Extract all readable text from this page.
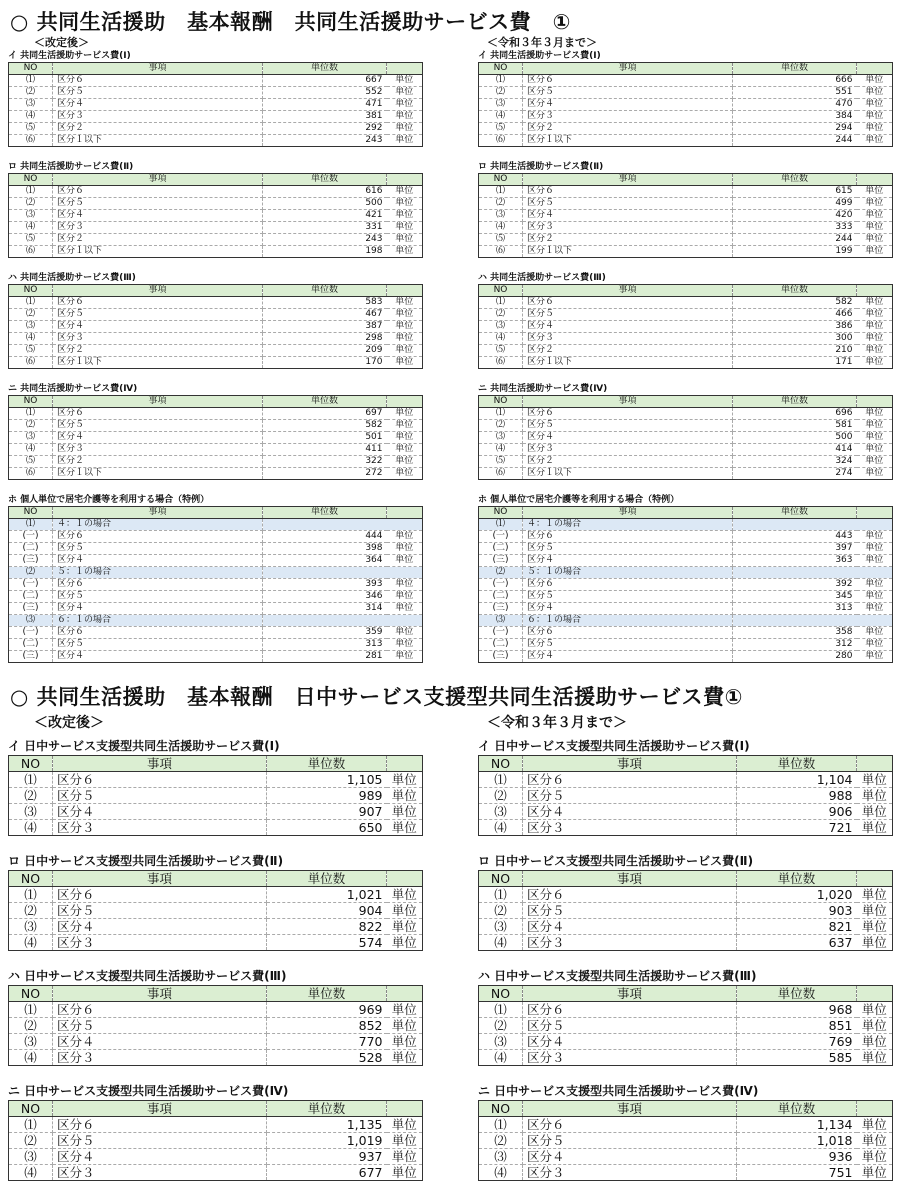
○ 共同生活援助　基本報酬　共同生活援助サービス費　①
＜改定後＞	＜令和３年３月まで＞
イ 共同生活援助サービス費(Ⅰ)
NO	事項	単位数	
⑴	区分６	667	単位
⑵	区分５	552	単位
⑶	区分４	471	単位
⑷	区分３	381	単位
⑸	区分２	292	単位
⑹	区分１以下	243	単位
ロ 共同生活援助サービス費(Ⅱ)
NO	事項	単位数	
⑴	区分６	616	単位
⑵	区分５	500	単位
⑶	区分４	421	単位
⑷	区分３	331	単位
⑸	区分２	243	単位
⑹	区分１以下	198	単位
ハ 共同生活援助サービス費(Ⅲ)
NO	事項	単位数	
⑴	区分６	583	単位
⑵	区分５	467	単位
⑶	区分４	387	単位
⑷	区分３	298	単位
⑸	区分２	209	単位
⑹	区分１以下	170	単位
ニ 共同生活援助サービス費(Ⅳ)
NO	事項	単位数	
⑴	区分６	697	単位
⑵	区分５	582	単位
⑶	区分４	501	単位
⑷	区分３	411	単位
⑸	区分２	322	単位
⑹	区分１以下	272	単位
ホ 個人単位で居宅介護等を利用する場合（特例）
NO	事項	単位数	
⑴	４：１の場合		
(一)	区分６	444	単位
(二)	区分５	398	単位
(三)	区分４	364	単位
⑵	５：１の場合		
(一)	区分６	393	単位
(二)	区分５	346	単位
(三)	区分４	314	単位
⑶	６：１の場合		
(一)	区分６	359	単位
(二)	区分５	313	単位
(三)	区分４	281	単位
イ 共同生活援助サービス費(Ⅰ)
NO	事項	単位数	
⑴	区分６	666	単位
⑵	区分５	551	単位
⑶	区分４	470	単位
⑷	区分３	384	単位
⑸	区分２	294	単位
⑹	区分１以下	244	単位
ロ 共同生活援助サービス費(Ⅱ)
NO	事項	単位数	
⑴	区分６	615	単位
⑵	区分５	499	単位
⑶	区分４	420	単位
⑷	区分３	333	単位
⑸	区分２	244	単位
⑹	区分１以下	199	単位
ハ 共同生活援助サービス費(Ⅲ)
NO	事項	単位数	
⑴	区分６	582	単位
⑵	区分５	466	単位
⑶	区分４	386	単位
⑷	区分３	300	単位
⑸	区分２	210	単位
⑹	区分１以下	171	単位
ニ 共同生活援助サービス費(Ⅳ)
NO	事項	単位数	
⑴	区分６	696	単位
⑵	区分５	581	単位
⑶	区分４	500	単位
⑷	区分３	414	単位
⑸	区分２	324	単位
⑹	区分１以下	274	単位
ホ 個人単位で居宅介護等を利用する場合（特例）
NO	事項	単位数	
⑴	４：１の場合		
(一)	区分６	443	単位
(二)	区分５	397	単位
(三)	区分４	363	単位
⑵	５：１の場合		
(一)	区分６	392	単位
(二)	区分５	345	単位
(三)	区分４	313	単位
⑶	６：１の場合		
(一)	区分６	358	単位
(二)	区分５	312	単位
(三)	区分４	280	単位
○ 共同生活援助　基本報酬　日中サービス支援型共同生活援助サービス費①
＜改定後＞	＜令和３年３月まで＞
イ 日中サービス支援型共同生活援助サービス費(Ⅰ)
NO	事項	単位数	
⑴	区分６	1,105	単位
⑵	区分５	989	単位
⑶	区分４	907	単位
⑷	区分３	650	単位
ロ 日中サービス支援型共同生活援助サービス費(Ⅱ)
NO	事項	単位数	
⑴	区分６	1,021	単位
⑵	区分５	904	単位
⑶	区分４	822	単位
⑷	区分３	574	単位
ハ 日中サービス支援型共同生活援助サービス費(Ⅲ)
NO	事項	単位数	
⑴	区分６	969	単位
⑵	区分５	852	単位
⑶	区分４	770	単位
⑷	区分３	528	単位
ニ 日中サービス支援型共同生活援助サービス費(Ⅳ)
NO	事項	単位数	
⑴	区分６	1,135	単位
⑵	区分５	1,019	単位
⑶	区分４	937	単位
⑷	区分３	677	単位
イ 日中サービス支援型共同生活援助サービス費(Ⅰ)
NO	事項	単位数	
⑴	区分６	1,104	単位
⑵	区分５	988	単位
⑶	区分４	906	単位
⑷	区分３	721	単位
ロ 日中サービス支援型共同生活援助サービス費(Ⅱ)
NO	事項	単位数	
⑴	区分６	1,020	単位
⑵	区分５	903	単位
⑶	区分４	821	単位
⑷	区分３	637	単位
ハ 日中サービス支援型共同生活援助サービス費(Ⅲ)
NO	事項	単位数	
⑴	区分６	968	単位
⑵	区分５	851	単位
⑶	区分４	769	単位
⑷	区分３	585	単位
ニ 日中サービス支援型共同生活援助サービス費(Ⅳ)
NO	事項	単位数	
⑴	区分６	1,134	単位
⑵	区分５	1,018	単位
⑶	区分４	936	単位
⑷	区分３	751	単位
